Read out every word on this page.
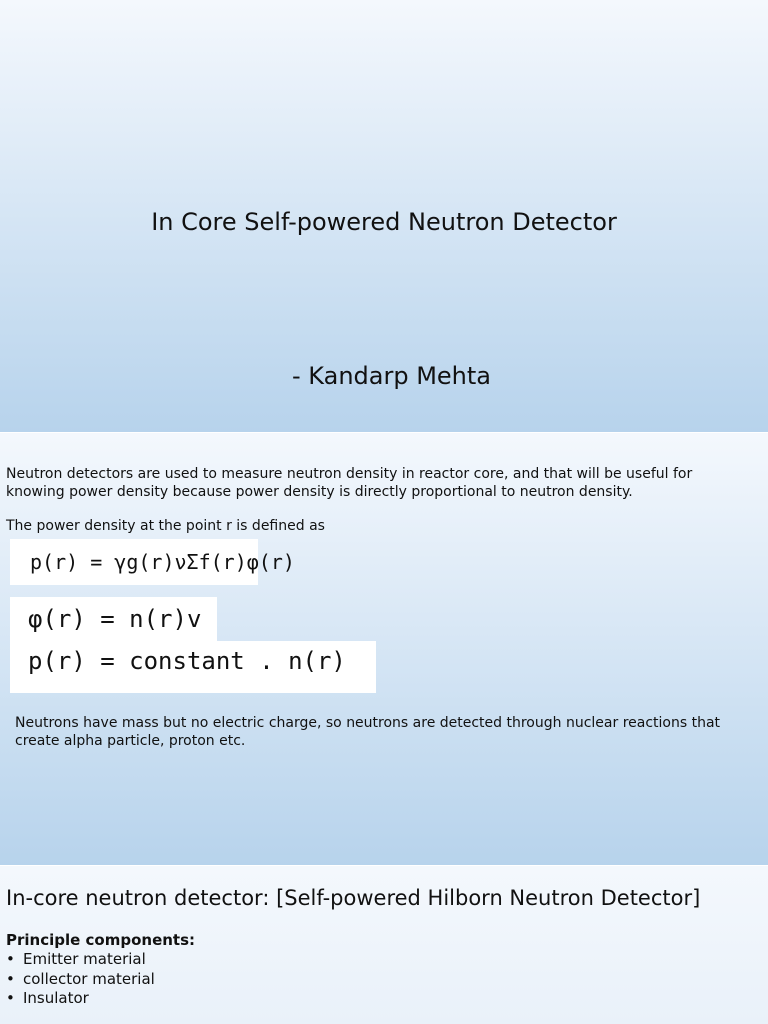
In Core Self-powered Neutron Detector
- Kandarp Mehta
Neutron detectors are used to measure neutron density in reactor core, and that will be useful for knowing power density because power density is directly proportional to neutron density.
The power density at the point r is defined as
p(r) = γg(r)νΣf(r)φ(r)
φ(r) = n(r)v
p(r) = constant . n(r)
Neutrons have mass but no electric charge, so neutrons are detected through nuclear reactions that create alpha particle, proton etc.
In-core neutron detector: [Self-powered Hilborn Neutron Detector]
Principle components:
• Emitter material
• collector material
• Insulator
